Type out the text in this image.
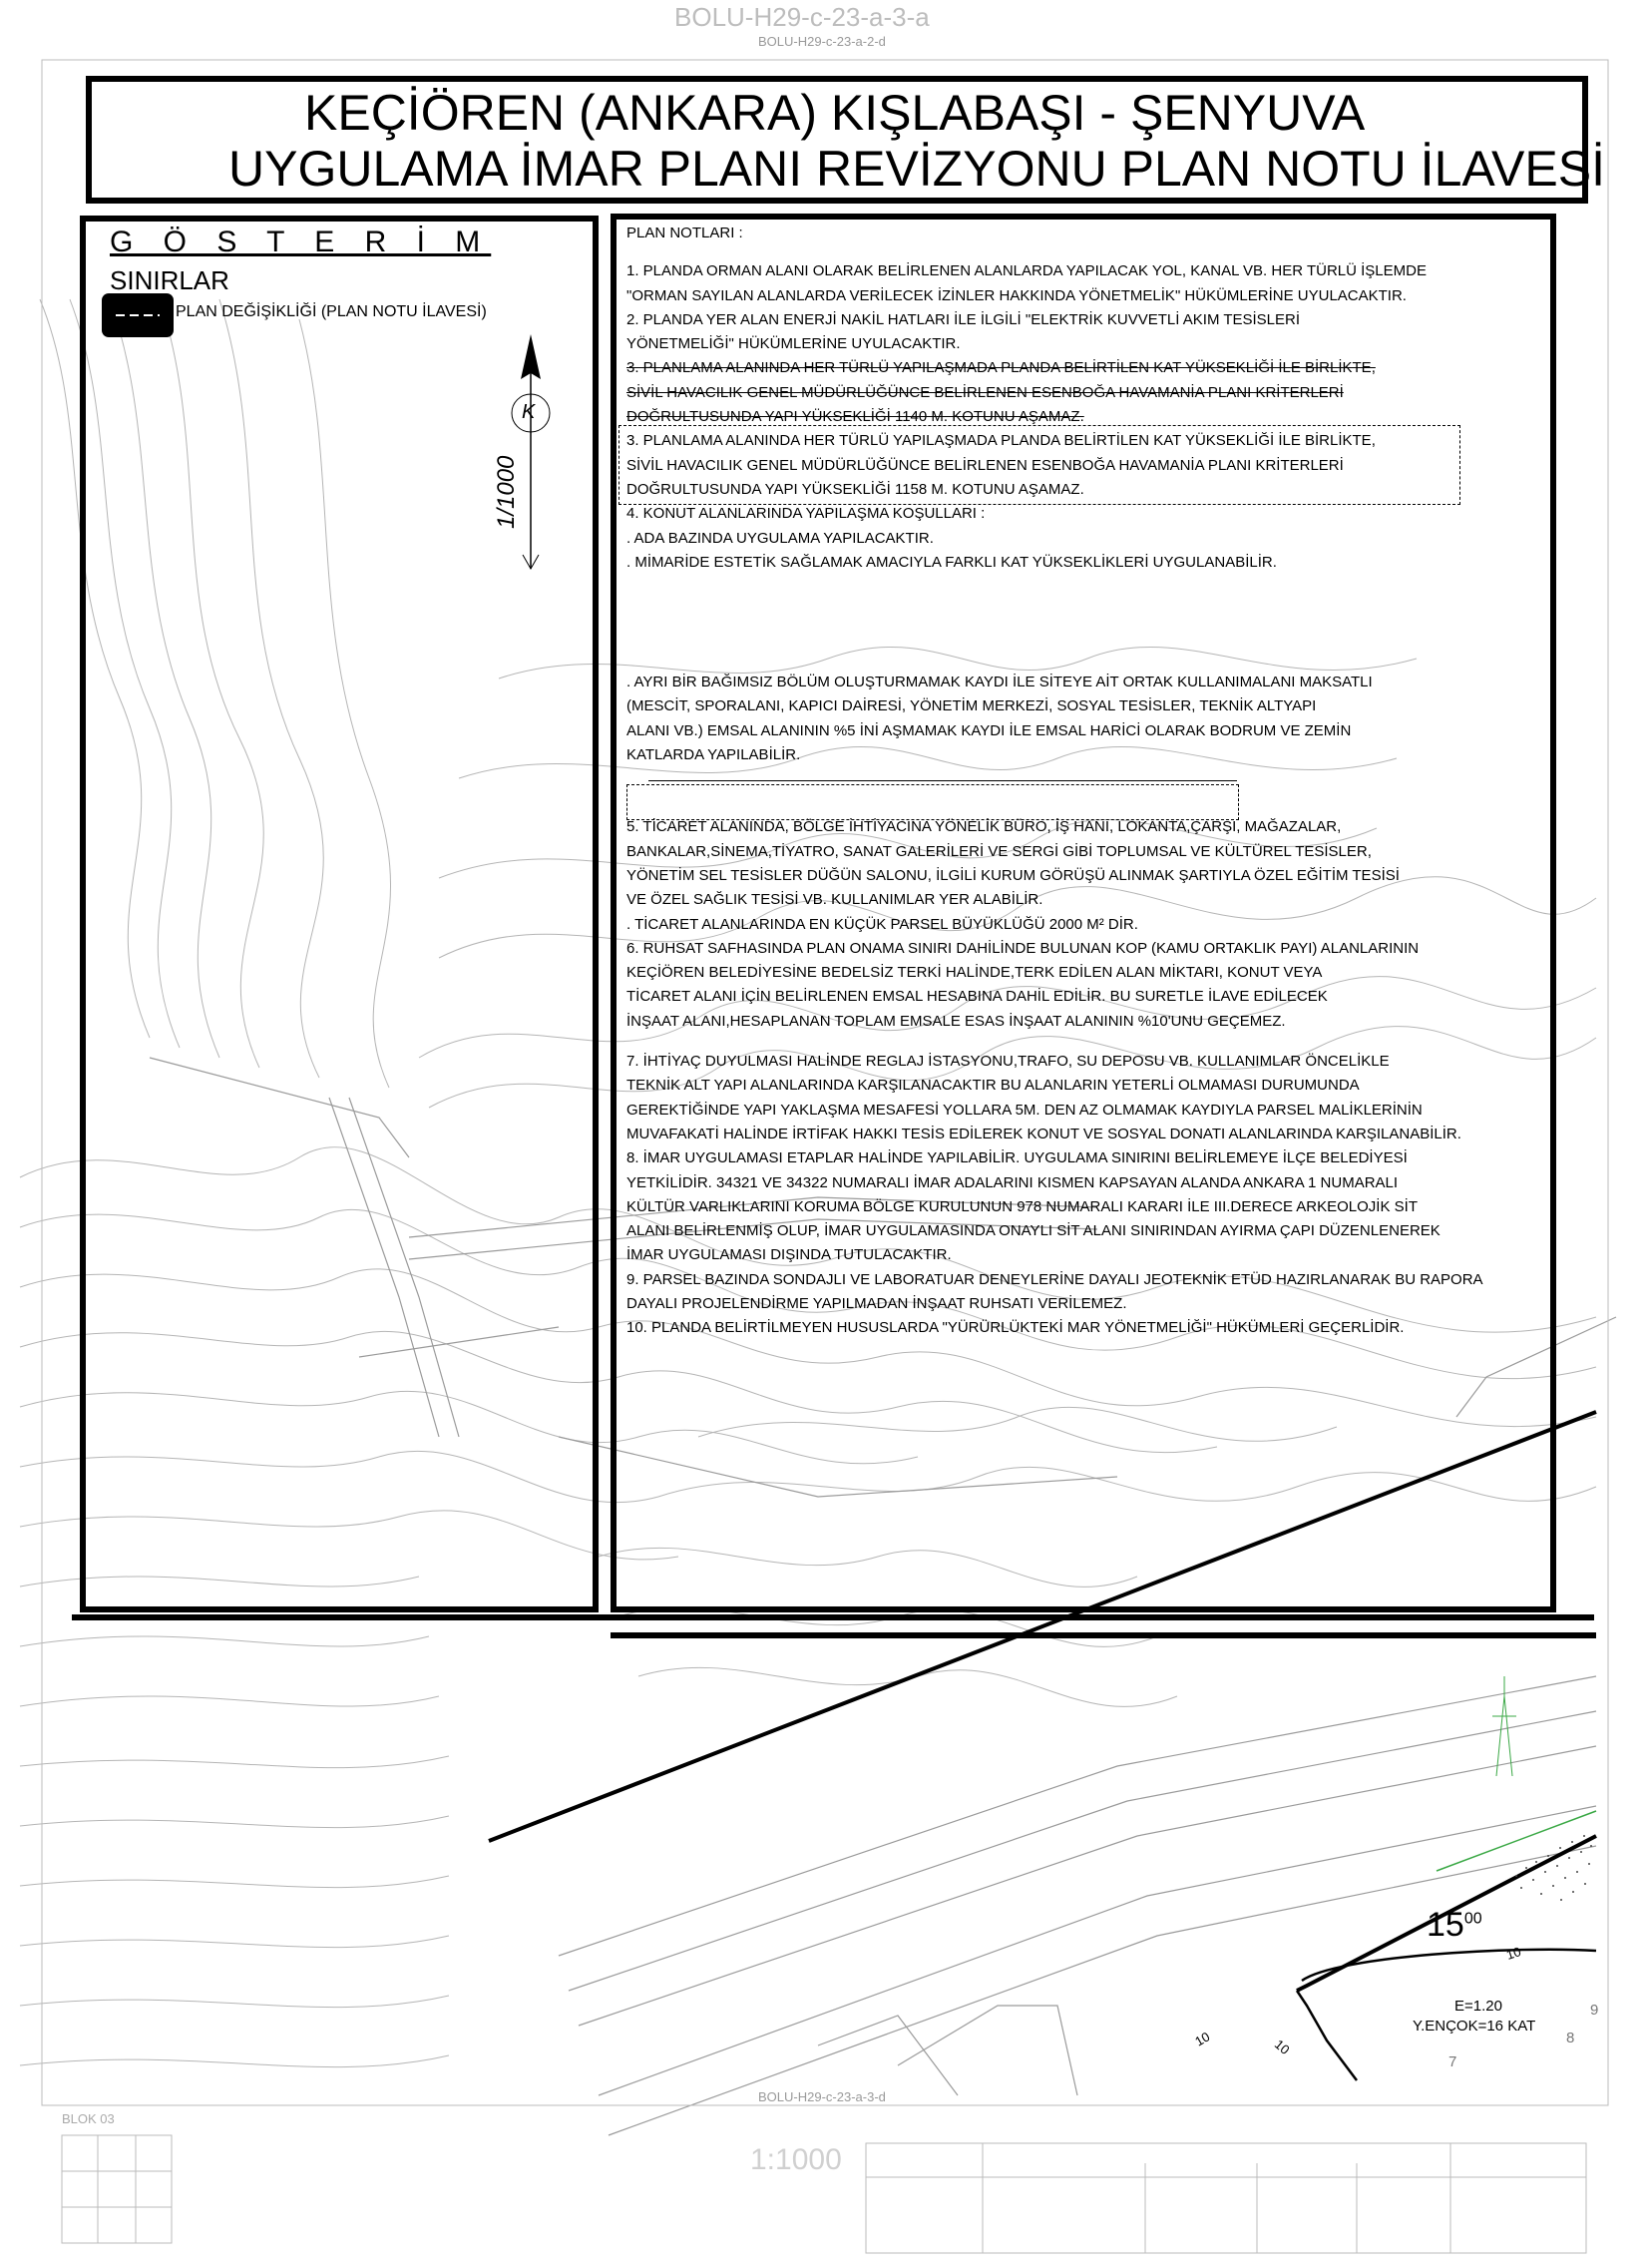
KEÇİÖREN (ANKARA) KIŞLABAŞI - ŞENYUVA
UYGULAMA İMAR PLANI REVİZYONU PLAN NOTU İLAVESİ
BOLU-H29-c-23-a-3-a
BOLU-H29-c-23-a-2-d
BOLU-H29-c-23-a-3-d
G Ö S T E R İ M
SINIRLAR
PLAN DEĞİŞİKLİĞİ (PLAN NOTU İLAVESİ)
K
1/1000
PLAN NOTLARI :
1. PLANDA ORMAN ALANI OLARAK BELİRLENEN ALANLARDA YAPILACAK YOL, KANAL VB. HER TÜRLÜ İŞLEMDE
"ORMAN SAYILAN ALANLARDA VERİLECEK İZİNLER HAKKINDA YÖNETMELİK" HÜKÜMLERİNE UYULACAKTIR.
2. PLANDA YER ALAN ENERJİ NAKİL HATLARI İLE İLGİLİ "ELEKTRİK KUVVETLİ AKIM TESİSLERİ
YÖNETMELİĞİ" HÜKÜMLERİNE UYULACAKTIR.
3. PLANLAMA ALANINDA HER TÜRLÜ YAPILAŞMADA PLANDA BELİRTİLEN KAT YÜKSEKLİĞİ İLE BİRLİKTE,
SİVİL HAVACILIK GENEL MÜDÜRLÜĞÜNCE BELİRLENEN ESENBOĞA HAVAMANİA PLANI KRİTERLERİ
DOĞRULTUSUNDA YAPI YÜKSEKLİĞİ 1140 M. KOTUNU AŞAMAZ.
3. PLANLAMA ALANINDA HER TÜRLÜ YAPILAŞMADA PLANDA BELİRTİLEN KAT YÜKSEKLİĞİ İLE BİRLİKTE,
SİVİL HAVACILIK GENEL MÜDÜRLÜĞÜNCE BELİRLENEN ESENBOĞA HAVAMANİA PLANI KRİTERLERİ
DOĞRULTUSUNDA YAPI YÜKSEKLİĞİ 1158 M. KOTUNU AŞAMAZ.
4. KONUT ALANLARINDA YAPILAŞMA KOŞULLARI :
. ADA BAZINDA UYGULAMA YAPILACAKTIR.
. MİMARİDE ESTETİK SAĞLAMAK AMACIYLA FARKLI KAT YÜKSEKLİKLERİ UYGULANABİLİR.
. AYRI BİR BAĞIMSIZ BÖLÜM OLUŞTURMAMAK KAYDI İLE SİTEYE AİT ORTAK KULLANIMALANI MAKSATLI
(MESCİT, SPORALANI, KAPICI DAİRESİ, YÖNETİM MERKEZİ, SOSYAL TESİSLER, TEKNİK ALTYAPI
ALANI VB.) EMSAL ALANININ %5 İNİ AŞMAMAK KAYDI İLE EMSAL HARİCİ OLARAK BODRUM VE ZEMİN
KATLARDA YAPILABİLİR.
5. TİCARET ALANINDA, BÖLGE İHTİYACINA YÖNELİK BÜRO, İŞ HANI, LOKANTA,ÇARŞI, MAĞAZALAR,
BANKALAR,SİNEMA,TİYATRO, SANAT GALERİLERİ VE SERGİ GİBİ TOPLUMSAL VE KÜLTÜREL TESİSLER,
YÖNETİM SEL TESİSLER DÜĞÜN SALONU, İLGİLİ KURUM GÖRÜŞÜ ALINMAK ŞARTIYLA ÖZEL EĞİTİM TESİSİ
VE ÖZEL SAĞLIK TESİSİ VB. KULLANIMLAR YER ALABİLİR.
. TİCARET ALANLARINDA EN KÜÇÜK PARSEL BÜYÜKLÜĞÜ 2000 M² DİR.
6. RUHSAT SAFHASINDA PLAN ONAMA SINIRI DAHİLİNDE BULUNAN KOP (KAMU ORTAKLIK PAYI) ALANLARININ
KEÇİÖREN BELEDİYESİNE BEDELSİZ TERKİ HALİNDE,TERK EDİLEN ALAN MİKTARI, KONUT VEYA
TİCARET ALANI İÇİN BELİRLENEN EMSAL HESABINA DAHİL EDİLİR. BU SURETLE İLAVE EDİLECEK
İNŞAAT ALANI,HESAPLANAN TOPLAM EMSALE ESAS İNŞAAT ALANININ %10'UNU GEÇEMEZ.
7. İHTİYAÇ DUYULMASI HALİNDE REGLAJ İSTASYONU,TRAFO, SU DEPOSU VB. KULLANIMLAR ÖNCELİKLE
TEKNİK ALT YAPI ALANLARINDA KARŞILANACAKTIR BU ALANLARIN YETERLİ OLMAMASI DURUMUNDA
GEREKTİĞİNDE YAPI YAKLAŞMA MESAFESİ YOLLARA 5M. DEN AZ OLMAMAK KAYDIYLA PARSEL MALİKLERİNİN
MUVAFAKATİ HALİNDE İRTİFAK HAKKI TESİS EDİLEREK KONUT VE SOSYAL DONATI ALANLARINDA KARŞILANABİLİR.
8. İMAR UYGULAMASI ETAPLAR HALİNDE YAPILABİLİR. UYGULAMA SINIRINI BELİRLEMEYE İLÇE BELEDİYESİ
YETKİLİDİR. 34321 VE 34322 NUMARALI İMAR ADALARINI KISMEN KAPSAYAN ALANDA ANKARA 1 NUMARALI
KÜLTÜR VARLIKLARINI KORUMA BÖLGE KURULUNUN 978 NUMARALI KARARI İLE III.DERECE ARKEOLOJİK SİT
ALANI BELİRLENMİŞ OLUP, İMAR UYGULAMASINDA ONAYLI SİT ALANI SINIRINDAN AYIRMA ÇAPI DÜZENLENEREK
İMAR UYGULAMASI DIŞINDA TUTULACAKTIR.
9. PARSEL BAZINDA SONDAJLI VE LABORATUAR DENEYLERİNE DAYALI JEOTEKNİK ETÜD HAZIRLANARAK BU RAPORA
DAYALI PROJELENDİRME YAPILMADAN İNŞAAT RUHSATI VERİLEMEZ.
10. PLANDA BELİRTİLMEYEN HUSUSLARDA "YÜRÜRLÜKTEKİ MAR YÖNETMELİĞİ" HÜKÜMLERİ GEÇERLİDİR.
$15^{00}$
10
10	10
E=1.20
Y.ENÇOK=16 KAT
9
8
7
1:1000
BLOK 03
